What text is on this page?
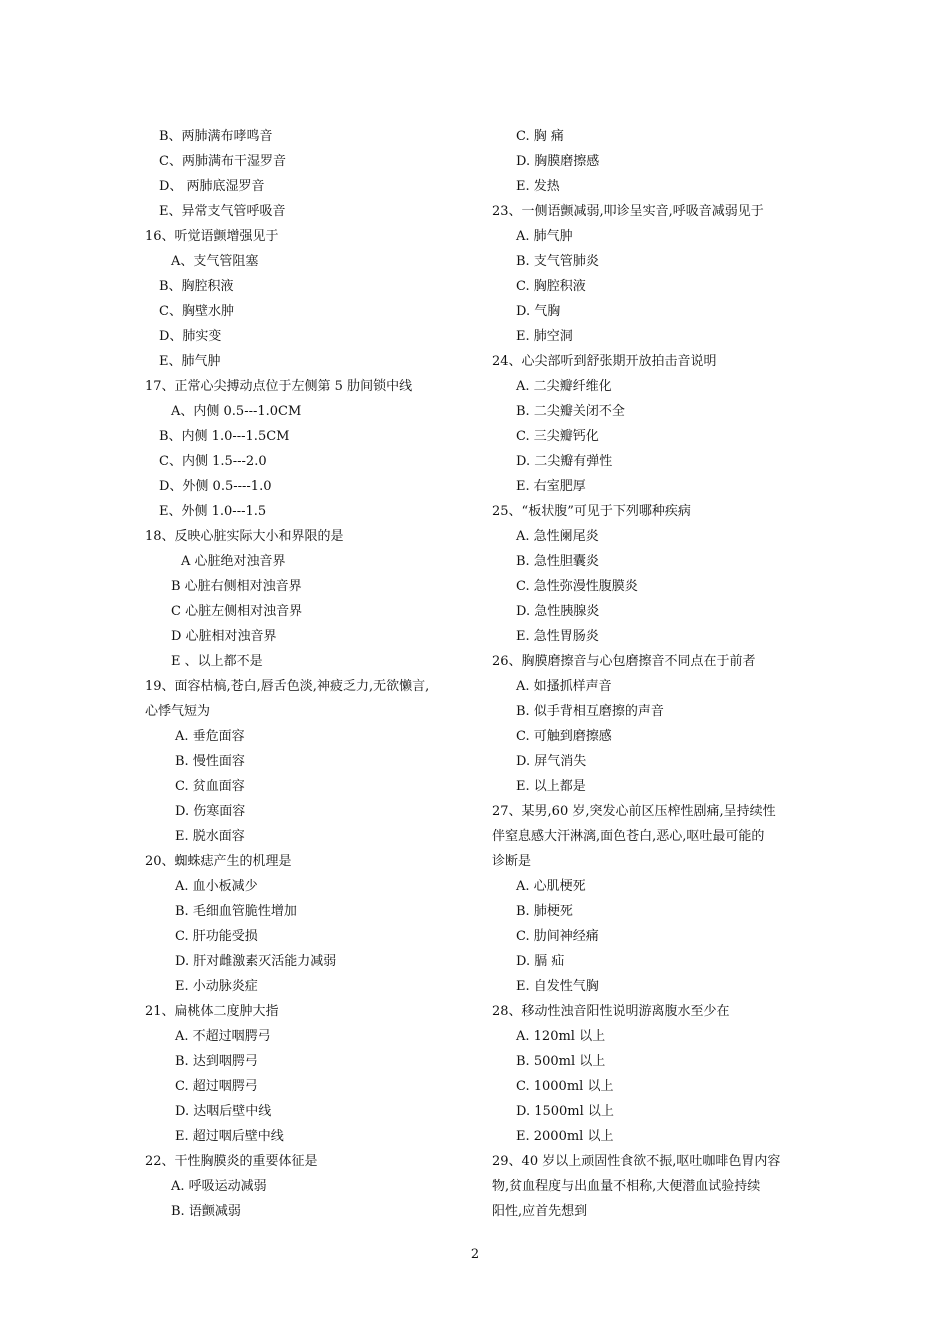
B、两肺满布哮鸣音
C、两肺满布干湿罗音
D、 两肺底湿罗音
E、异常支气管呼吸音
16、听觉语颤增强见于
A、支气管阻塞
B、胸腔积液
C、胸壁水肿
D、肺实变
E、肺气肿
17、正常心尖搏动点位于左侧第 5 肋间锁中线
A、内侧 0.5---1.0CM
B、内侧 1.0---1.5CM
C、内侧 1.5---2.0
D、外侧 0.5----1.0
E、外侧 1.0---1.5
18、反映心脏实际大小和界限的是
A 心脏绝对浊音界
B 心脏右侧相对浊音界
C 心脏左侧相对浊音界
D 心脏相对浊音界
E 、以上都不是
19、面容枯槁,苍白,唇舌色淡,神疲乏力,无欲懒言,
心悸气短为
A. 垂危面容
B. 慢性面容
C. 贫血面容
D. 伤寒面容
E. 脱水面容
20、蜘蛛痣产生的机理是
A. 血小板减少
B. 毛细血管脆性增加
C. 肝功能受损
D. 肝对雌激素灭活能力减弱
E. 小动脉炎症
21、扁桃体二度肿大指
A. 不超过咽腭弓
B. 达到咽腭弓
C. 超过咽腭弓
D. 达咽后壁中线
E. 超过咽后壁中线
22、干性胸膜炎的重要体征是
A. 呼吸运动减弱
B. 语颤减弱
C. 胸 痛
D. 胸膜磨擦感
E. 发热
23、一侧语颤减弱,叩诊呈实音,呼吸音减弱见于
A. 肺气肿
B. 支气管肺炎
C. 胸腔积液
D. 气胸
E. 肺空洞
24、心尖部听到舒张期开放拍击音说明
A. 二尖瓣纤维化
B. 二尖瓣关闭不全
C. 三尖瓣钙化
D. 二尖瓣有弹性
E. 右室肥厚
25、“板状腹”可见于下列哪种疾病
A. 急性阑尾炎
B. 急性胆囊炎
C. 急性弥漫性腹膜炎
D. 急性胰腺炎
E. 急性胃肠炎
26、胸膜磨擦音与心包磨擦音不同点在于前者
A. 如搔抓样声音
B. 似手背相互磨擦的声音
C. 可触到磨擦感
D. 屏气消失
E. 以上都是
27、某男,60 岁,突发心前区压榨性剧痛,呈持续性
伴窒息感大汗淋漓,面色苍白,恶心,呕吐最可能的
诊断是
A. 心肌梗死
B. 肺梗死
C. 肋间神经痛
D. 膈 疝
E. 自发性气胸
28、移动性浊音阳性说明游离腹水至少在
A. 120ml 以上
B. 500ml 以上
C. 1000ml 以上
D. 1500ml 以上
E. 2000ml 以上
29、40 岁以上顽固性食欲不振,呕吐咖啡色胃内容
物,贫血程度与出血量不相称,大便潜血试验持续
阳性,应首先想到
2
